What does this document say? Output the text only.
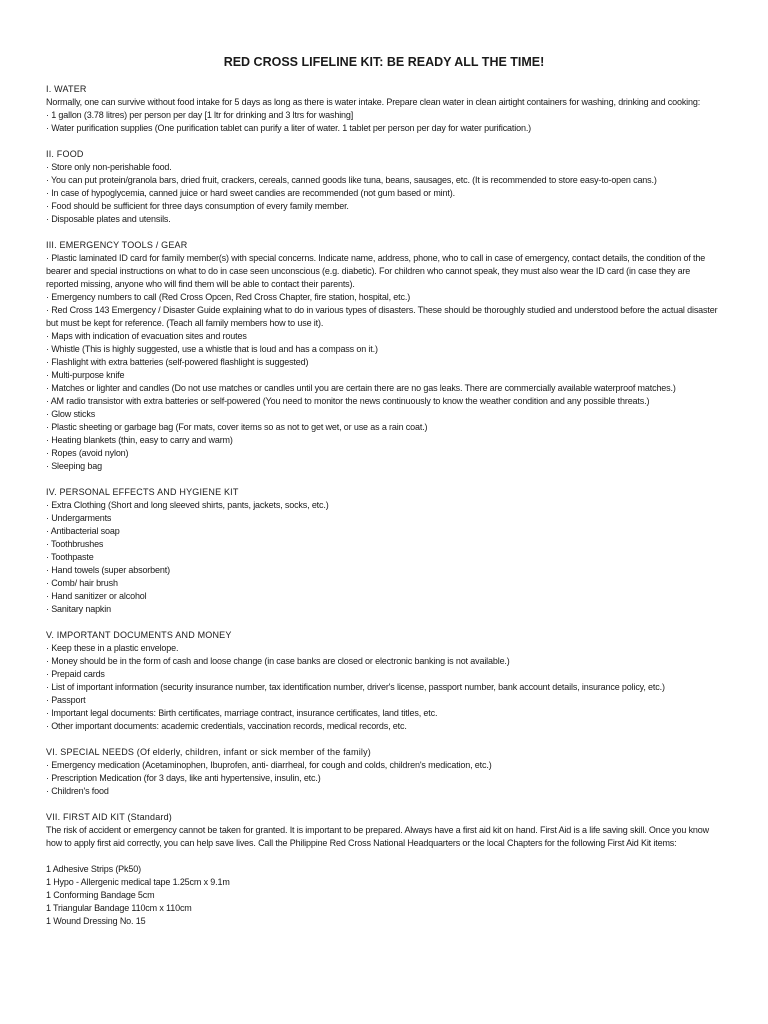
RED CROSS LIFELINE KIT: BE READY ALL THE TIME!

I. WATER

Normally, one can survive without food intake for 5 days as long as there is water intake. Prepare clean water in clean airtight containers for washing, drinking and cooking:

· 1 gallon (3.78 litres) per person per day [1 ltr for drinking and 3 ltrs for washing]

· Water purification supplies (One purification tablet can purify a liter of water. 1 tablet per person per day for water purification.)

II. FOOD

· Store only non-perishable food.

· You can put protein/granola bars, dried fruit, crackers, cereals, canned goods like tuna, beans, sausages, etc. (It is recommended to store easy-to-open cans.)

· In case of hypoglycemia, canned juice or hard sweet candies are recommended (not gum based or mint).

· Food should be sufficient for three days consumption of every family member.

· Disposable plates and utensils.

III. EMERGENCY TOOLS / GEAR

· Plastic laminated ID card for family member(s) with special concerns. Indicate name, address, phone, who to call in case of emergency, contact details, the condition of the bearer and special instructions on what to do in case seen unconscious (e.g. diabetic). For children who cannot speak, they must also wear the ID card (in case they are reported missing, anyone who will find them will be able to contact their parents).

· Emergency numbers to call (Red Cross Opcen, Red Cross Chapter, fire station, hospital, etc.)

· Red Cross 143 Emergency / Disaster Guide explaining what to do in various types of disasters. These should be thoroughly studied and understood before the actual disaster but must be kept for reference. (Teach all family members how to use it).

· Maps with indication of evacuation sites and routes

· Whistle (This is highly suggested, use a whistle that is loud and has a compass on it.)

· Flashlight with extra batteries (self-powered flashlight is suggested)

· Multi-purpose knife

· Matches or lighter and candles (Do not use matches or candles until you are certain there are no gas leaks. There are commercially available waterproof matches.)

· AM radio transistor with extra batteries or self-powered (You need to monitor the news continuously to know the weather condition and any possible threats.)

· Glow sticks

· Plastic sheeting or garbage bag (For mats, cover items so as not to get wet, or use as a rain coat.)

· Heating blankets (thin, easy to carry and warm)

· Ropes (avoid nylon)

· Sleeping bag

IV. PERSONAL EFFECTS AND HYGIENE KIT

· Extra Clothing (Short and long sleeved shirts, pants, jackets, socks, etc.)

· Undergarments

· Antibacterial soap

· Toothbrushes

· Toothpaste

· Hand towels (super absorbent)

· Comb/ hair brush

· Hand sanitizer or alcohol

· Sanitary napkin

V. IMPORTANT DOCUMENTS AND MONEY

· Keep these in a plastic envelope.

· Money should be in the form of cash and loose change (in case banks are closed or electronic banking is not available.)

· Prepaid cards

· List of important information (security insurance number, tax identification number, driver's license, passport number, bank account details, insurance policy, etc.)

· Passport

· Important legal documents: Birth certificates, marriage contract, insurance certificates, land titles, etc.

· Other important documents: academic credentials, vaccination records, medical records, etc.

VI. SPECIAL NEEDS (Of elderly, children, infant or sick member of the family)

· Emergency medication (Acetaminophen, Ibuprofen, anti- diarrheal, for cough and colds, children's medication, etc.)

· Prescription Medication (for 3 days, like anti hypertensive, insulin, etc.)

· Children's food

VII. FIRST AID KIT (Standard)

The risk of accident or emergency cannot be taken for granted. It is important to be prepared. Always have a first aid kit on hand. First Aid is a life saving skill. Once you know how to apply first aid correctly, you can help save lives. Call the Philippine Red Cross National Headquarters or the local Chapters for the following First Aid Kit items:

1 Adhesive Strips (Pk50)

1 Hypo - Allergenic medical tape 1.25cm x 9.1m

1 Conforming Bandage 5cm

1 Triangular Bandage 110cm x 110cm

1 Wound Dressing No. 15
